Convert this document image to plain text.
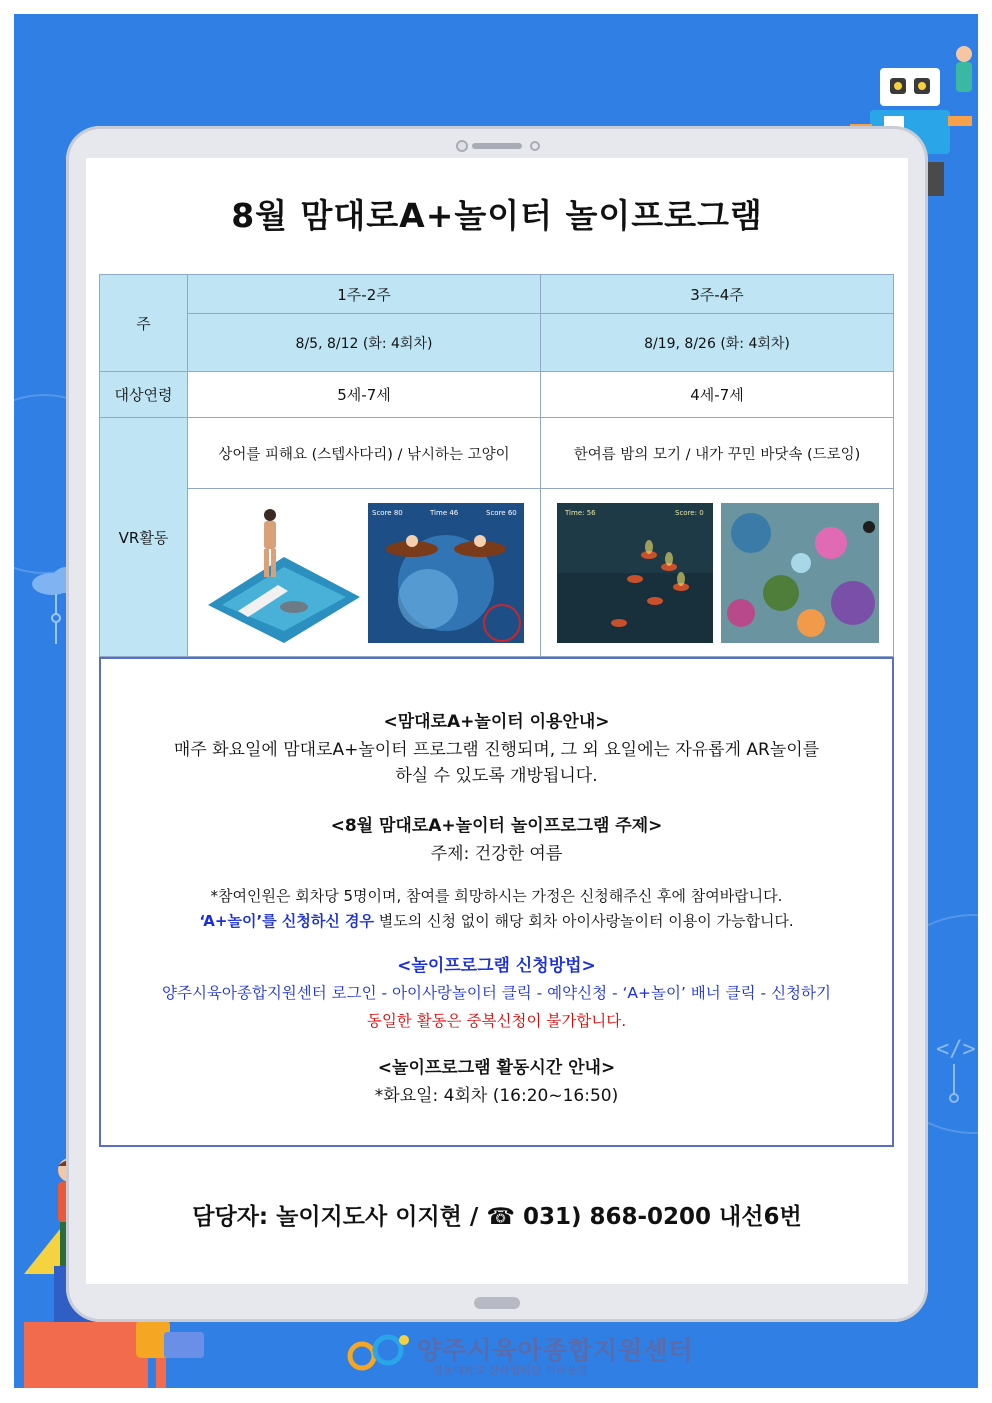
</>
8월 맘대로A+놀이터 놀이프로그램
주	1주-2주	3주-4주
	8/5, 8/12 (화: 4회차)	8/19, 8/26 (화: 4회차)
대상연령	5세-7세	4세-7세
VR활동	상어를 피해요 (스텝사다리) / 낚시하는 고양이	한여름 밤의 모기 / 내가 꾸민 바닷속 (드로잉)

Score 80 Time 46 Score 60	Time: 56 Score: 0
<맘대로A+놀이터 이용안내>
매주 화요일에 맘대로A+놀이터 프로그램 진행되며, 그 외 요일에는 자유롭게 AR놀이를
하실 수 있도록 개방됩니다.
<8월 맘대로A+놀이터 놀이프로그램 주제>
주제: 건강한 여름
*참여인원은 회차당 5명이며, 참여를 희망하시는 가정은 신청해주신 후에 참여바랍니다.
‘A+놀이’를 신청하신 경우 별도의 신청 없이 해당 회차 아이사랑놀이터 이용이 가능합니다.
<놀이프로그램 신청방법>
양주시육아종합지원센터 로그인 - 아이사랑놀이터 클릭 - 예약신청 - ‘A+놀이’ 배너 클릭 - 신청하기
동일한 활동은 중복신청이 불가합니다.
<놀이프로그램 활동시간 안내>
*화요일: 4회차 (16:20~16:50)
담당자: 놀이지도사 이지현 / ☎ 031) 868-0200 내선6번
양주시육아종합지원센터
경동대학교 산학협력단 위탁운영
